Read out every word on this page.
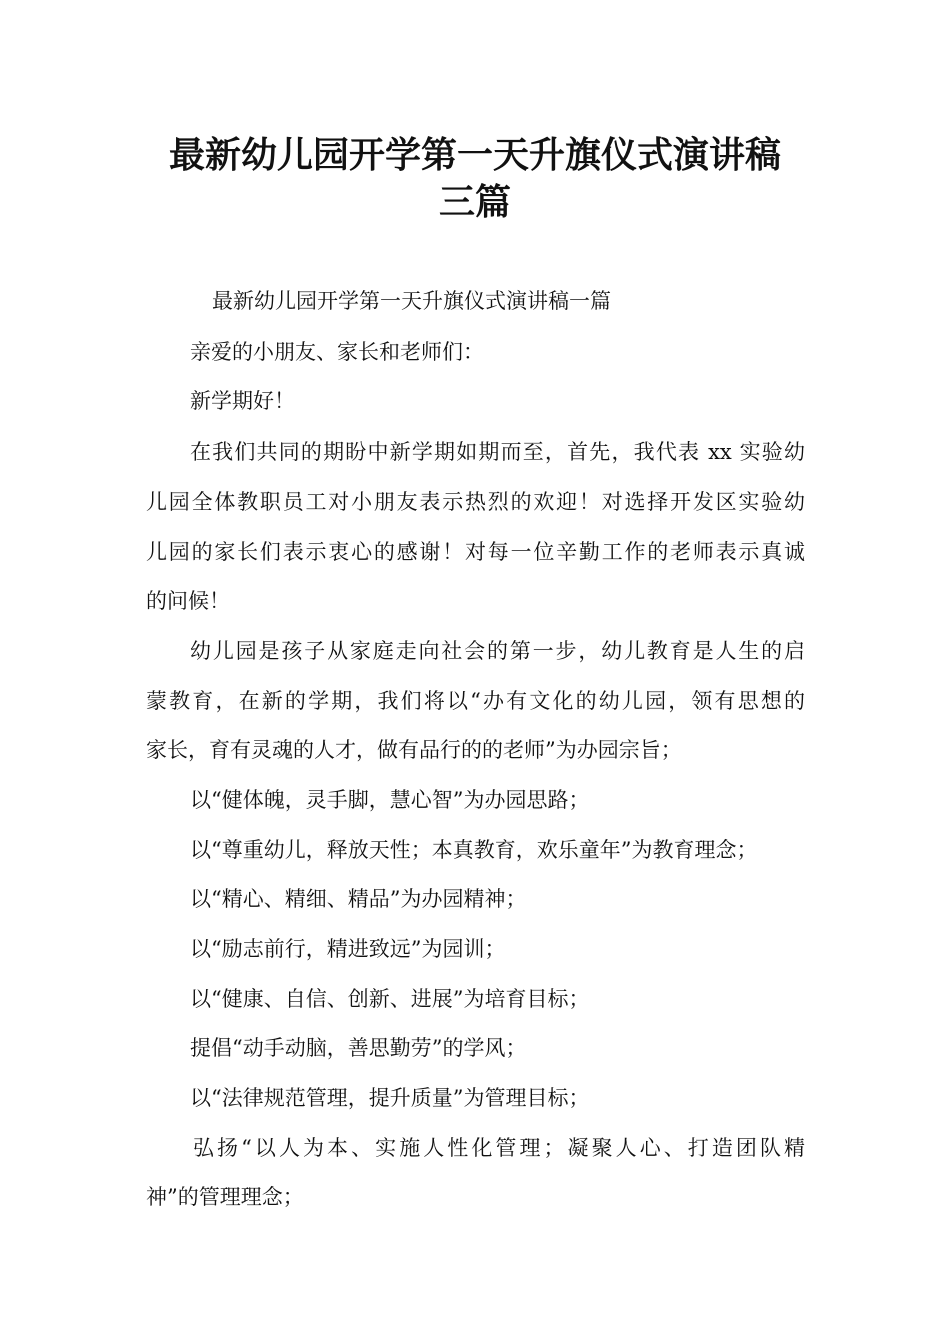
最新幼儿园开学第一天升旗仪式演讲稿
三篇

最新幼儿园开学第一天升旗仪式演讲稿一篇

亲爱的小朋友、家长和老师们：

新学期好！

在我们共同的期盼中新学期如期而至，首先，我代表 xx 实验幼

儿园全体教职员工对小朋友表示热烈的欢迎！对选择开发区实验幼

儿园的家长们表示衷心的感谢！对每一位辛勤工作的老师表示真诚

的问候！

幼儿园是孩子从家庭走向社会的第一步，幼儿教育是人生的启

蒙教育，在新的学期，我们将以“办有文化的幼儿园，领有思想的

家长，育有灵魂的人才，做有品行的的老师”为办园宗旨；

以“健体魄，灵手脚，慧心智”为办园思路；

以“尊重幼儿，释放天性；本真教育，欢乐童年”为教育理念；

以“精心、精细、精品”为办园精神；

以“励志前行，精进致远”为园训；

以“健康、自信、创新、进展”为培育目标；

提倡“动手动脑，善思勤劳”的学风；

以“法律规范管理，提升质量”为管理目标；

弘扬“以人为本、实施人性化管理；凝聚人心、打造团队精

神”的管理理念；
